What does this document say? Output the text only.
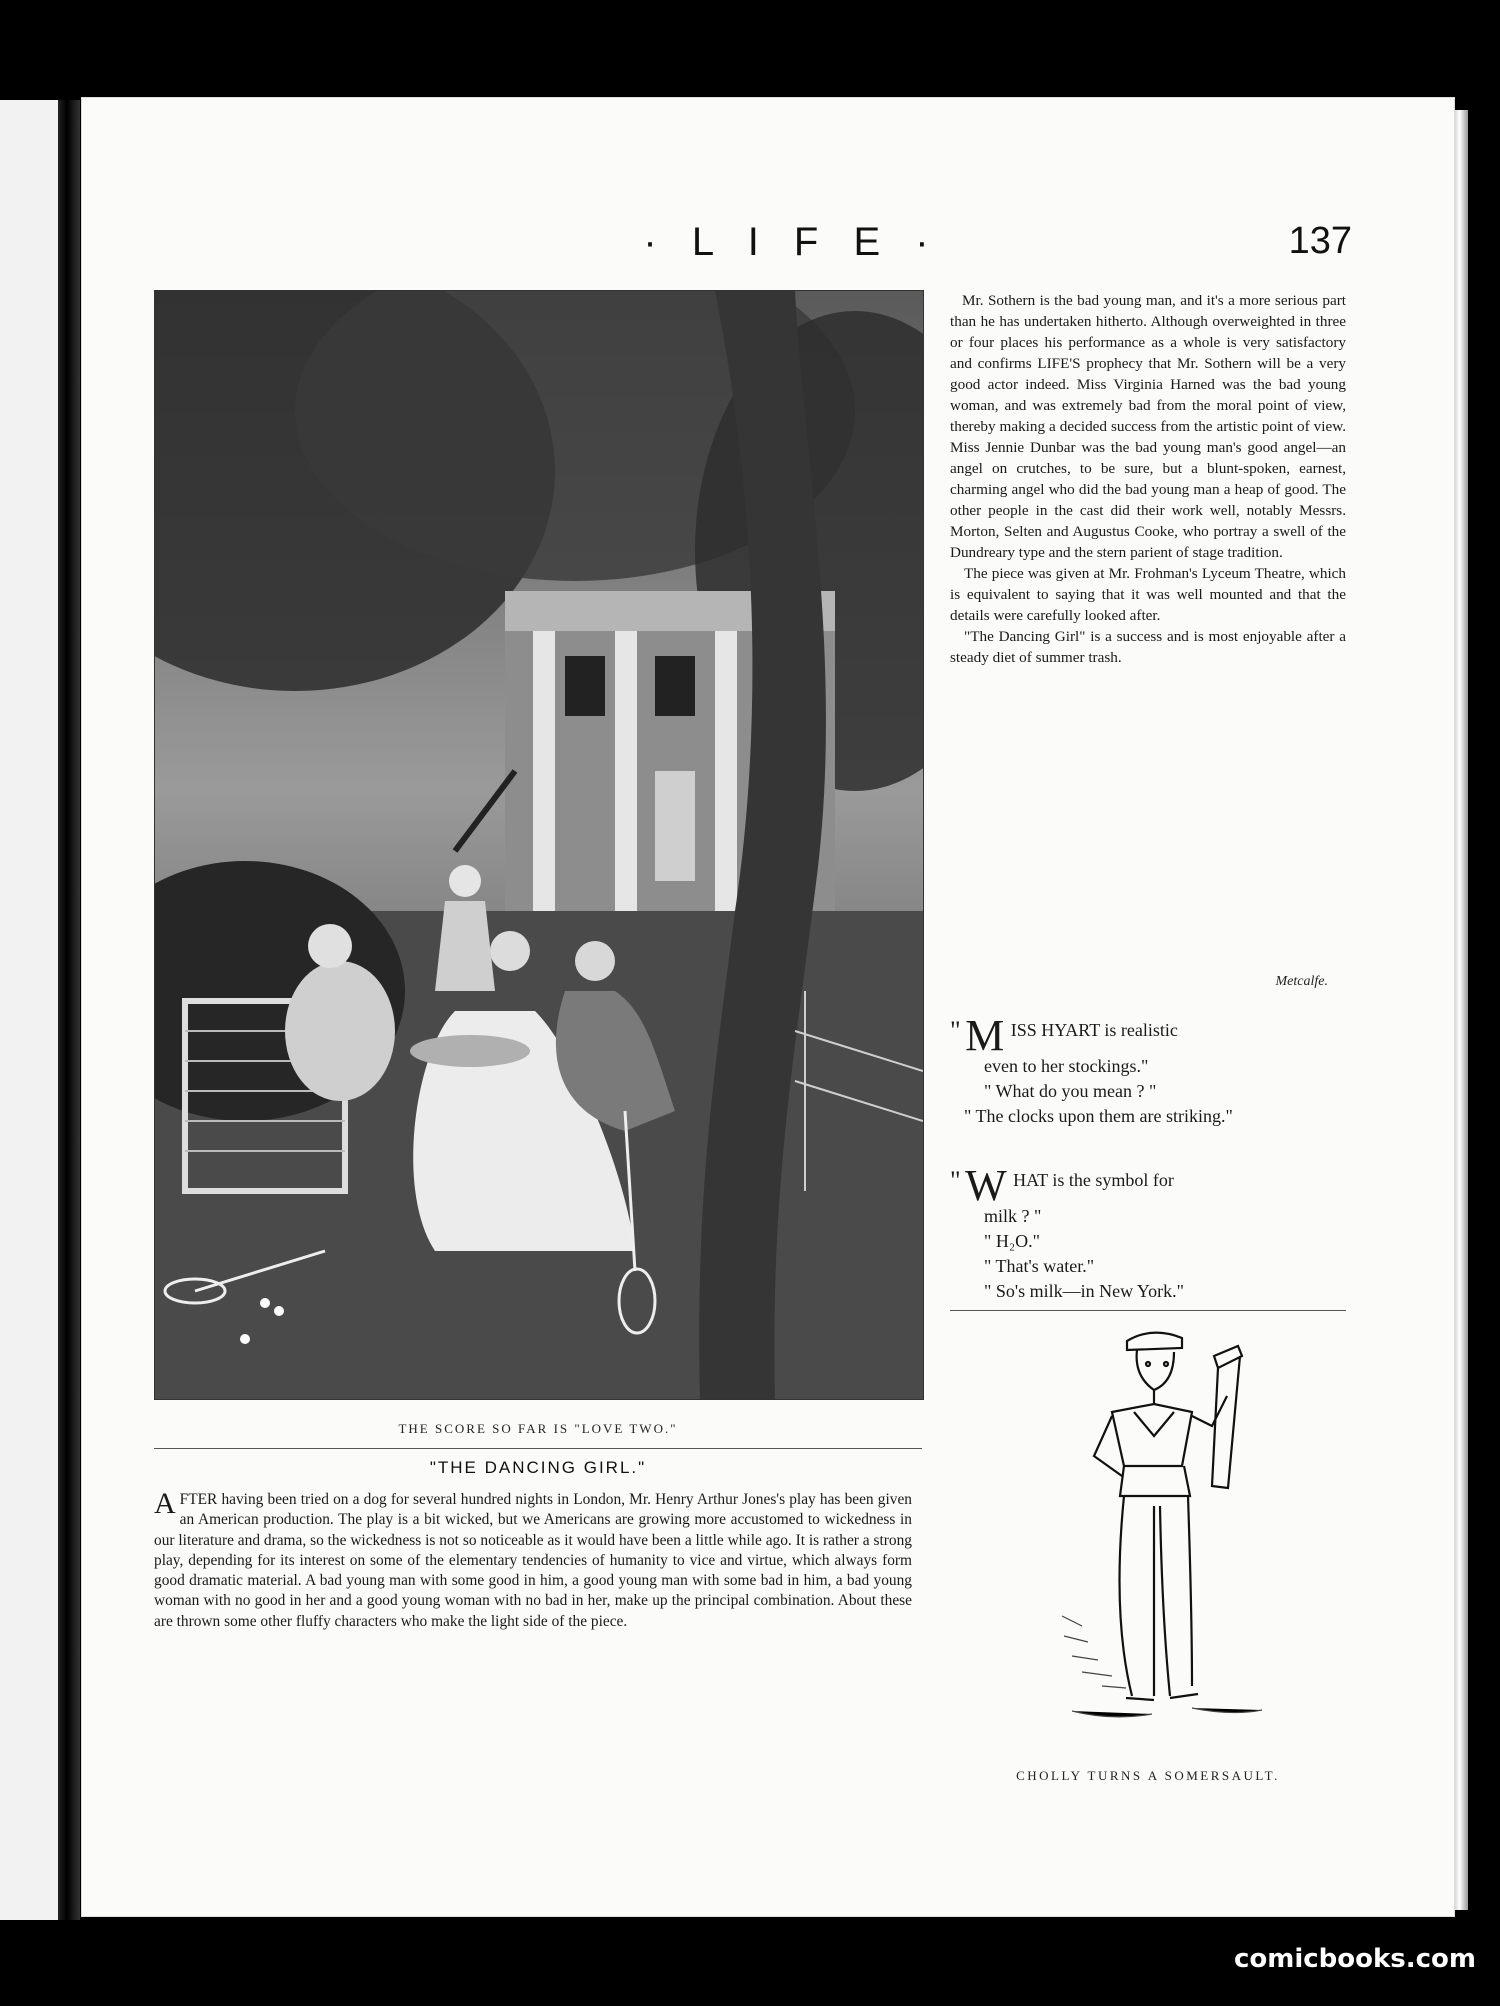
· L I F E ·	137
THE SCORE SO FAR IS "LOVE TWO."
"THE DANCING GIRL."
AFTER having been tried on a dog for several hundred nights in London, Mr. Henry Arthur Jones's play has been given an American production. The play is a bit wicked, but we Americans are growing more accustomed to wickedness in our literature and drama, so the wickedness is not so noticeable as it would have been a little while ago. It is rather a strong play, depending for its interest on some of the elementary tendencies of humanity to vice and virtue, which always form good dramatic material. A bad young man with some good in him, a good young man with some bad in him, a bad young woman with no good in her and a good young woman with no bad in her, make up the principal combination. About these are thrown some other fluffy characters who make the light side of the piece.

Mr. Sothern is the bad young man, and it's a more serious part than he has undertaken hitherto. Although overweighted in three or four places his performance as a whole is very satisfactory and confirms LIFE'S prophecy that Mr. Sothern will be a very good actor indeed. Miss Virginia Harned was the bad young woman, and was extremely bad from the moral point of view, thereby making a decided success from the artistic point of view. Miss Jennie Dunbar was the bad young man's good angel—an angel on crutches, to be sure, but a blunt-spoken, earnest, charming angel who did the bad young man a heap of good. The other people in the cast did their work well, notably Messrs. Morton, Selten and Augustus Cooke, who portray a swell of the Dundreary type and the stern parient of stage tradition.

The piece was given at Mr. Frohman's Lyceum Theatre, which is equivalent to saying that it was well mounted and that the details were carefully looked after.

"The Dancing Girl" is a success and is most enjoyable after a steady diet of summer trash.

Metcalfe.
" M ISS HYART is realistic
even to her stockings."
" What do you mean ? "
" The clocks upon them are striking."
" W HAT is the symbol for
milk ? "
" H₂O."
" That's water."
" So's milk—in New York."
CHOLLY TURNS A SOMERSAULT.
comicbooks.com
